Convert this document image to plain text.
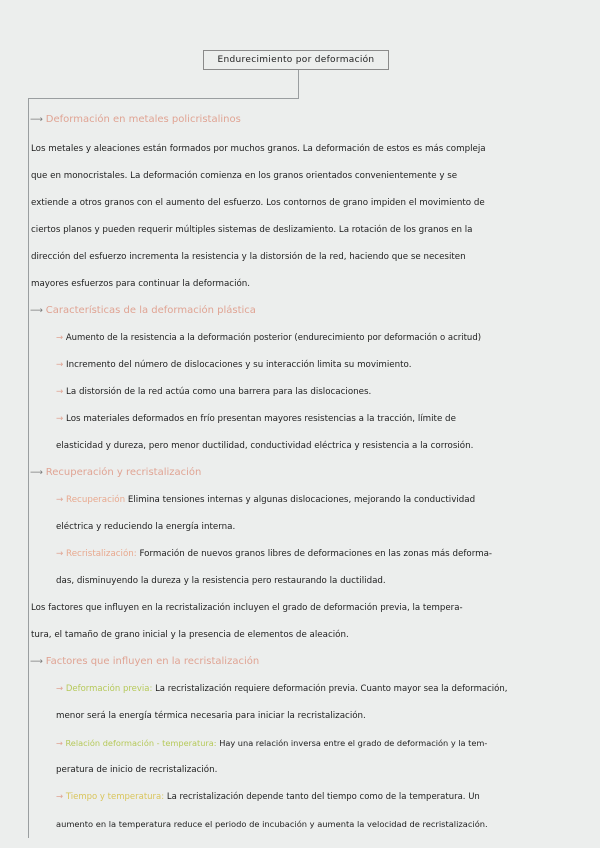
Endurecimiento por deformación
⟶ Deformación en metales policristalinos
Los metales y aleaciones están formados por muchos granos. La deformación de estos es más compleja
que en monocristales. La deformación comienza en los granos orientados convenientemente y se
extiende a otros granos con el aumento del esfuerzo. Los contornos de grano impiden el movimiento de
ciertos planos y pueden requerir múltiples sistemas de deslizamiento. La rotación de los granos en la
dirección del esfuerzo incrementa la resistencia y la distorsión de la red, haciendo que se necesiten
mayores esfuerzos para continuar la deformación.
⟶ Características de la deformación plástica
→ Aumento de la resistencia a la deformación posterior (endurecimiento por deformación o acritud)
→ Incremento del número de dislocaciones y su interacción limita su movimiento.
→ La distorsión de la red actúa como una barrera para las dislocaciones.
→ Los materiales deformados en frío presentan mayores resistencias a la tracción, límite de
elasticidad y dureza, pero menor ductilidad, conductividad eléctrica y resistencia a la corrosión.
⟶ Recuperación y recristalización
→ Recuperación Elimina tensiones internas y algunas dislocaciones, mejorando la conductividad
eléctrica y reduciendo la energía interna.
→ Recristalización: Formación de nuevos granos libres de deformaciones en las zonas más deforma-
das, disminuyendo la dureza y la resistencia pero restaurando la ductilidad.
Los factores que influyen en la recristalización incluyen el grado de deformación previa, la tempera-
tura, el tamaño de grano inicial y la presencia de elementos de aleación.
⟶ Factores que influyen en la recristalización
→ Deformación previa: La recristalización requiere deformación previa. Cuanto mayor sea la deformación,
menor será la energía térmica necesaria para iniciar la recristalización.
→ Relación deformación - temperatura: Hay una relación inversa entre el grado de deformación y la tem-
peratura de inicio de recristalización.
→ Tiempo y temperatura: La recristalización depende tanto del tiempo como de la temperatura. Un
aumento en la temperatura reduce el periodo de incubación y aumenta la velocidad de recristalización.
